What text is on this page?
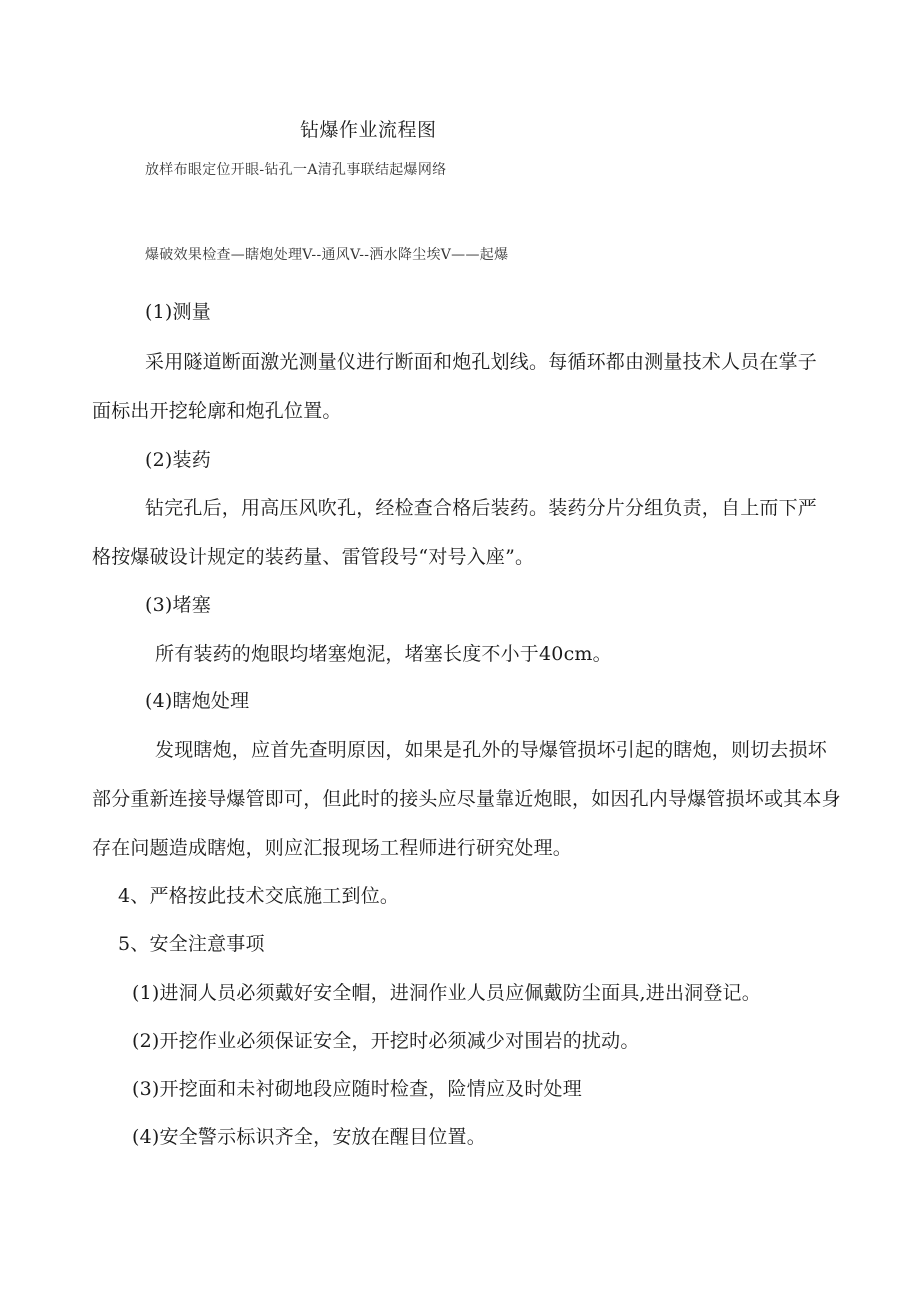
钻爆作业流程图
放样布眼定位开眼-钻孔一A清孔事联结起爆网络
爆破效果检查—瞎炮处理V--通风V--洒水降尘埃V——起爆
(1)测量
采用隧道断面激光测量仪进行断面和炮孔划线。每循环都由测量技术人员在掌子
面标出开挖轮廓和炮孔位置。
(2)装药
钻完孔后，用高压风吹孔，经检查合格后装药。装药分片分组负责，自上而下严
格按爆破设计规定的装药量、雷管段号“对号入座”。
(3)堵塞
所有装药的炮眼均堵塞炮泥，堵塞长度不小于40cm。
(4)瞎炮处理
发现瞎炮，应首先查明原因，如果是孔外的导爆管损坏引起的瞎炮，则切去损坏
部分重新连接导爆管即可，但此时的接头应尽量靠近炮眼，如因孔内导爆管损坏或其本身
存在问题造成瞎炮，则应汇报现场工程师进行研究处理。
4、严格按此技术交底施工到位。
5、安全注意事项
(1)进洞人员必须戴好安全帽，进洞作业人员应佩戴防尘面具,进出洞登记。
(2)开挖作业必须保证安全，开挖时必须减少对围岩的扰动。
(3)开挖面和未衬砌地段应随时检查，险情应及时处理
(4)安全警示标识齐全，安放在醒目位置。
